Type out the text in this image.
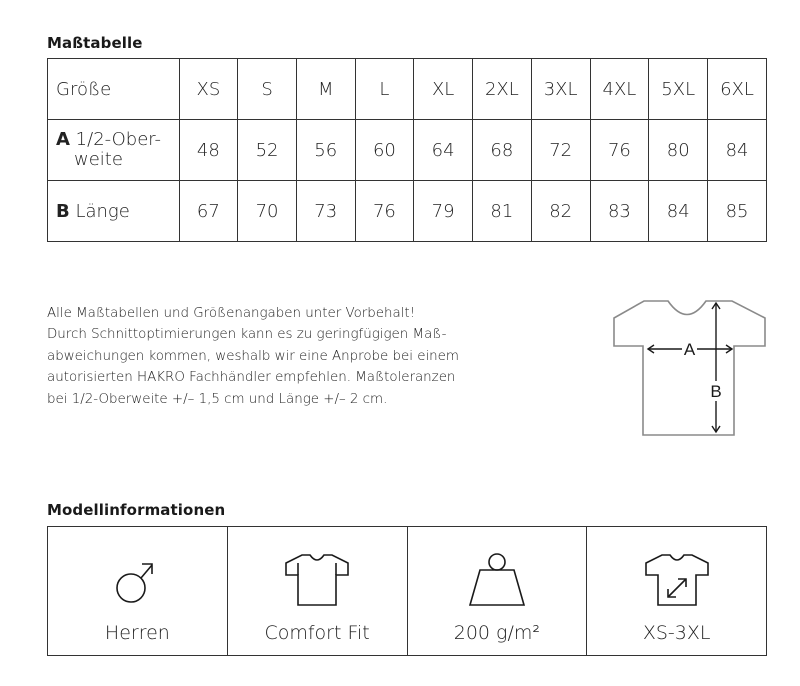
Maßtabelle
Größe	XS	S	M	L	XL	2XL	3XL	4XL	5XL	6XL
A 1/2-Ober-
weite	48	52	56	60	64	68	72	76	80	84
B Länge	67	70	73	76	79	81	82	83	84	85
Alle Maßtabellen und Größenangaben unter Vorbehalt!
Durch Schnittoptimierungen kann es zu geringfügigen Maß-
abweichungen kommen, weshalb wir eine Anprobe bei einem
autorisierten HAKRO Fachhändler empfehlen. Maßtoleranzen
bei 1/2-Oberweite +/– 1,5 cm und Länge +/– 2 cm.
A
B
Modellinformationen
Herren	Comfort Fit	200 g/m²	XS-3XL
